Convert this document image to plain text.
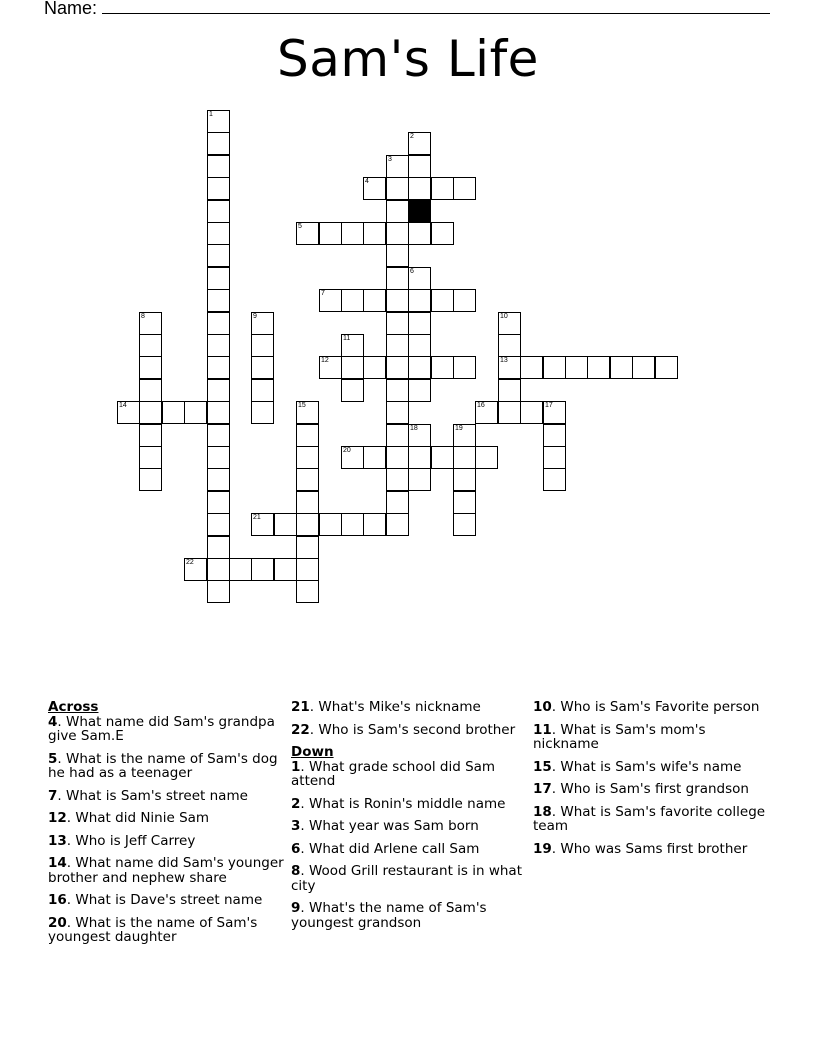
Name:
Sam's Life
1
2
3
4
5
6
7
8	9	10
13
11
12
14	15	16	17
18	19
20
21
22
Across
4. What name did Sam's grandpa give Sam.E
5. What is the name of Sam's dog he had as a teenager
7. What is Sam's street name
12. What did Ninie Sam
13. Who is Jeff Carrey
14. What name did Sam's younger brother and nephew share
16. What is Dave's street name
20. What is the name of Sam's youngest daughter
21. What's Mike's nickname
22. Who is Sam's second brother
Down
1. What grade school did Sam attend
2. What is Ronin's middle name
3. What year was Sam born
6. What did Arlene call Sam
8. Wood Grill restaurant is in what city
9. What's the name of Sam's youngest grandson
10. Who is Sam's Favorite person
11. What is Sam's mom's nickname
15. What is Sam's wife's name
17. Who is Sam's first grandson
18. What is Sam's favorite college team
19. Who was Sams first brother
